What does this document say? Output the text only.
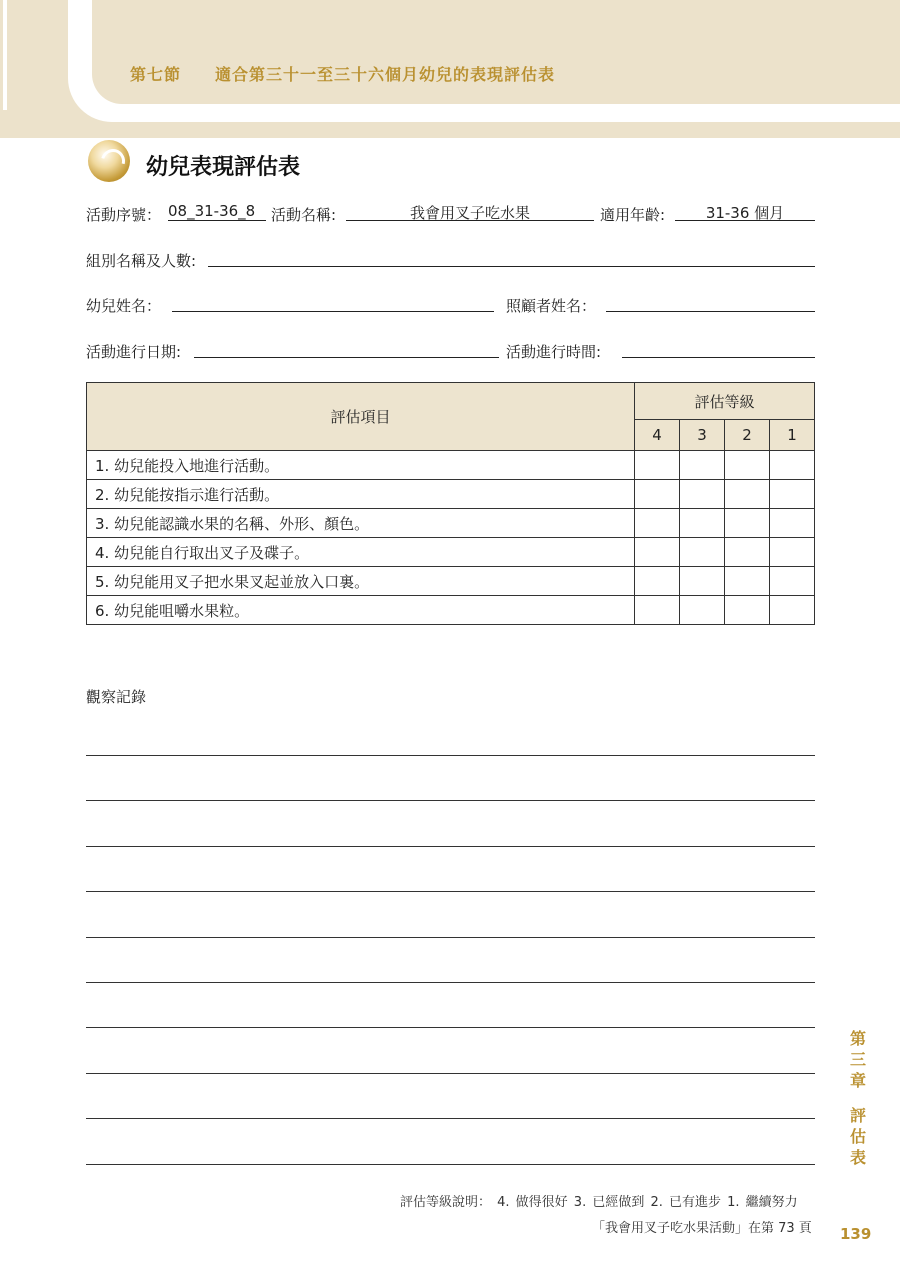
第七節 適合第三十一至三十六個月幼兒的表現評估表
幼兒表現評估表
活動序號： 08_31-36_8	活動名稱:	我會用叉子吃水果	適用年齡:	31-36 個月
組別名稱及人數:
幼兒姓名：	照顧者姓名：
活動進行日期:	活動進行時間:
評估項目	評估等級			
	4	3	2	1
1. 幼兒能投入地進行活動。				
2. 幼兒能按指示進行活動。				
3. 幼兒能認識水果的名稱、外形、顏色。				
4. 幼兒能自行取出叉子及碟子。				
5. 幼兒能用叉子把水果叉起並放入口裏。				
6. 幼兒能咀嚼水果粒。				
觀察記錄
第
三
章
評
估
表
評估等級說明： 4. 做得很好 3. 已經做到 2. 已有進步 1. 繼續努力
「我會用叉子吃水果活動」在第 73 頁 139
